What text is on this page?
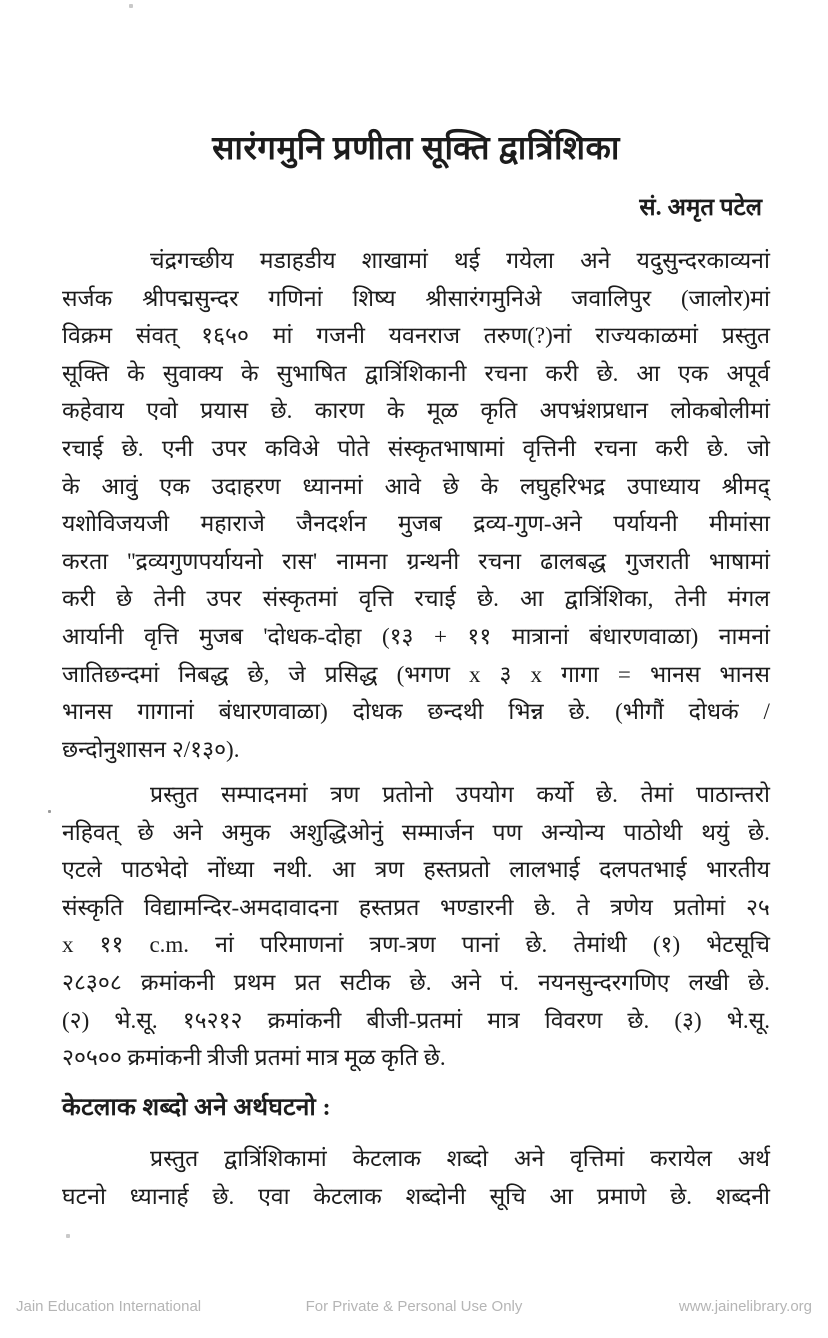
सारंगमुनि प्रणीता सूक्ति द्वात्रिंशिका
सं. अमृत पटेल
चंद्रगच्छीय मडाहडीय शाखामां थई गयेला अने यदुसुन्दरकाव्यनां
सर्जक श्रीपद्मसुन्दर गणिनां शिष्य श्रीसारंगमुनिअे जवालिपुर (जालोर)मां
विक्रम संवत् १६५० मां गजनी यवनराज तरुण(?)नां राज्यकाळमां प्रस्तुत
सूक्ति के सुवाक्य के सुभाषित द्वात्रिंशिकानी रचना करी छे. आ एक अपूर्व
कहेवाय एवो प्रयास छे. कारण के मूळ कृति अपभ्रंशप्रधान लोकबोलीमां
रचाई छे. एनी उपर कविअे पोते संस्कृतभाषामां वृत्तिनी रचना करी छे. जो
के आवुं एक उदाहरण ध्यानमां आवे छे के लघुहरिभद्र उपाध्याय श्रीमद्
यशोविजयजी महाराजे जैनदर्शन मुजब द्रव्य-गुण-अने पर्यायनी मीमांसा
करता ''द्रव्यगुणपर्यायनो रास' नामना ग्रन्थनी रचना ढालबद्ध गुजराती भाषामां
करी छे तेनी उपर संस्कृतमां वृत्ति रचाई छे. आ द्वात्रिंशिका, तेनी मंगल
आर्यानी वृत्ति मुजब 'दोधक-दोहा (१३ + ११ मात्रानां बंधारणवाळा) नामनां
जातिछन्दमां निबद्ध छे, जे प्रसिद्ध (भगण x ३ x गागा = भानस भानस
भानस गागानां बंधारणवाळा) दोधक छन्दथी भिन्न छे. (भीगौं दोधकं /
छन्दोनुशासन २/१३०).
प्रस्तुत सम्पादनमां त्रण प्रतोनो उपयोग कर्यो छे. तेमां पाठान्तरो
नहिवत् छे अने अमुक अशुद्धिओनुं सम्मार्जन पण अन्योन्य पाठोथी थयुं छे.
एटले पाठभेदो नोंध्या नथी. आ त्रण हस्तप्रतो लालभाई दलपतभाई भारतीय
संस्कृति विद्यामन्दिर-अमदावादना हस्तप्रत भण्डारनी छे. ते त्रणेय प्रतोमां २५
x ११ c.m. नां परिमाणनां त्रण-त्रण पानां छे. तेमांथी (१) भेटसूचि
२८३०८ क्रमांकनी प्रथम प्रत सटीक छे. अने पं. नयनसुन्दरगणिए लखी छे.
(२) भे.सू. १५२१२ क्रमांकनी बीजी-प्रतमां मात्र विवरण छे. (३) भे.सू.
२०५०० क्रमांकनी त्रीजी प्रतमां मात्र मूळ कृति छे.
केटलाक शब्दो अने अर्थघटनो :
प्रस्तुत द्वात्रिंशिकामां केटलाक शब्दो अने वृत्तिमां करायेल अर्थ
घटनो ध्यानार्ह छे. एवा केटलाक शब्दोनी सूचि आ प्रमाणे छे. शब्दनी
Jain Education International	For Private & Personal Use Only	www.jainelibrary.org
